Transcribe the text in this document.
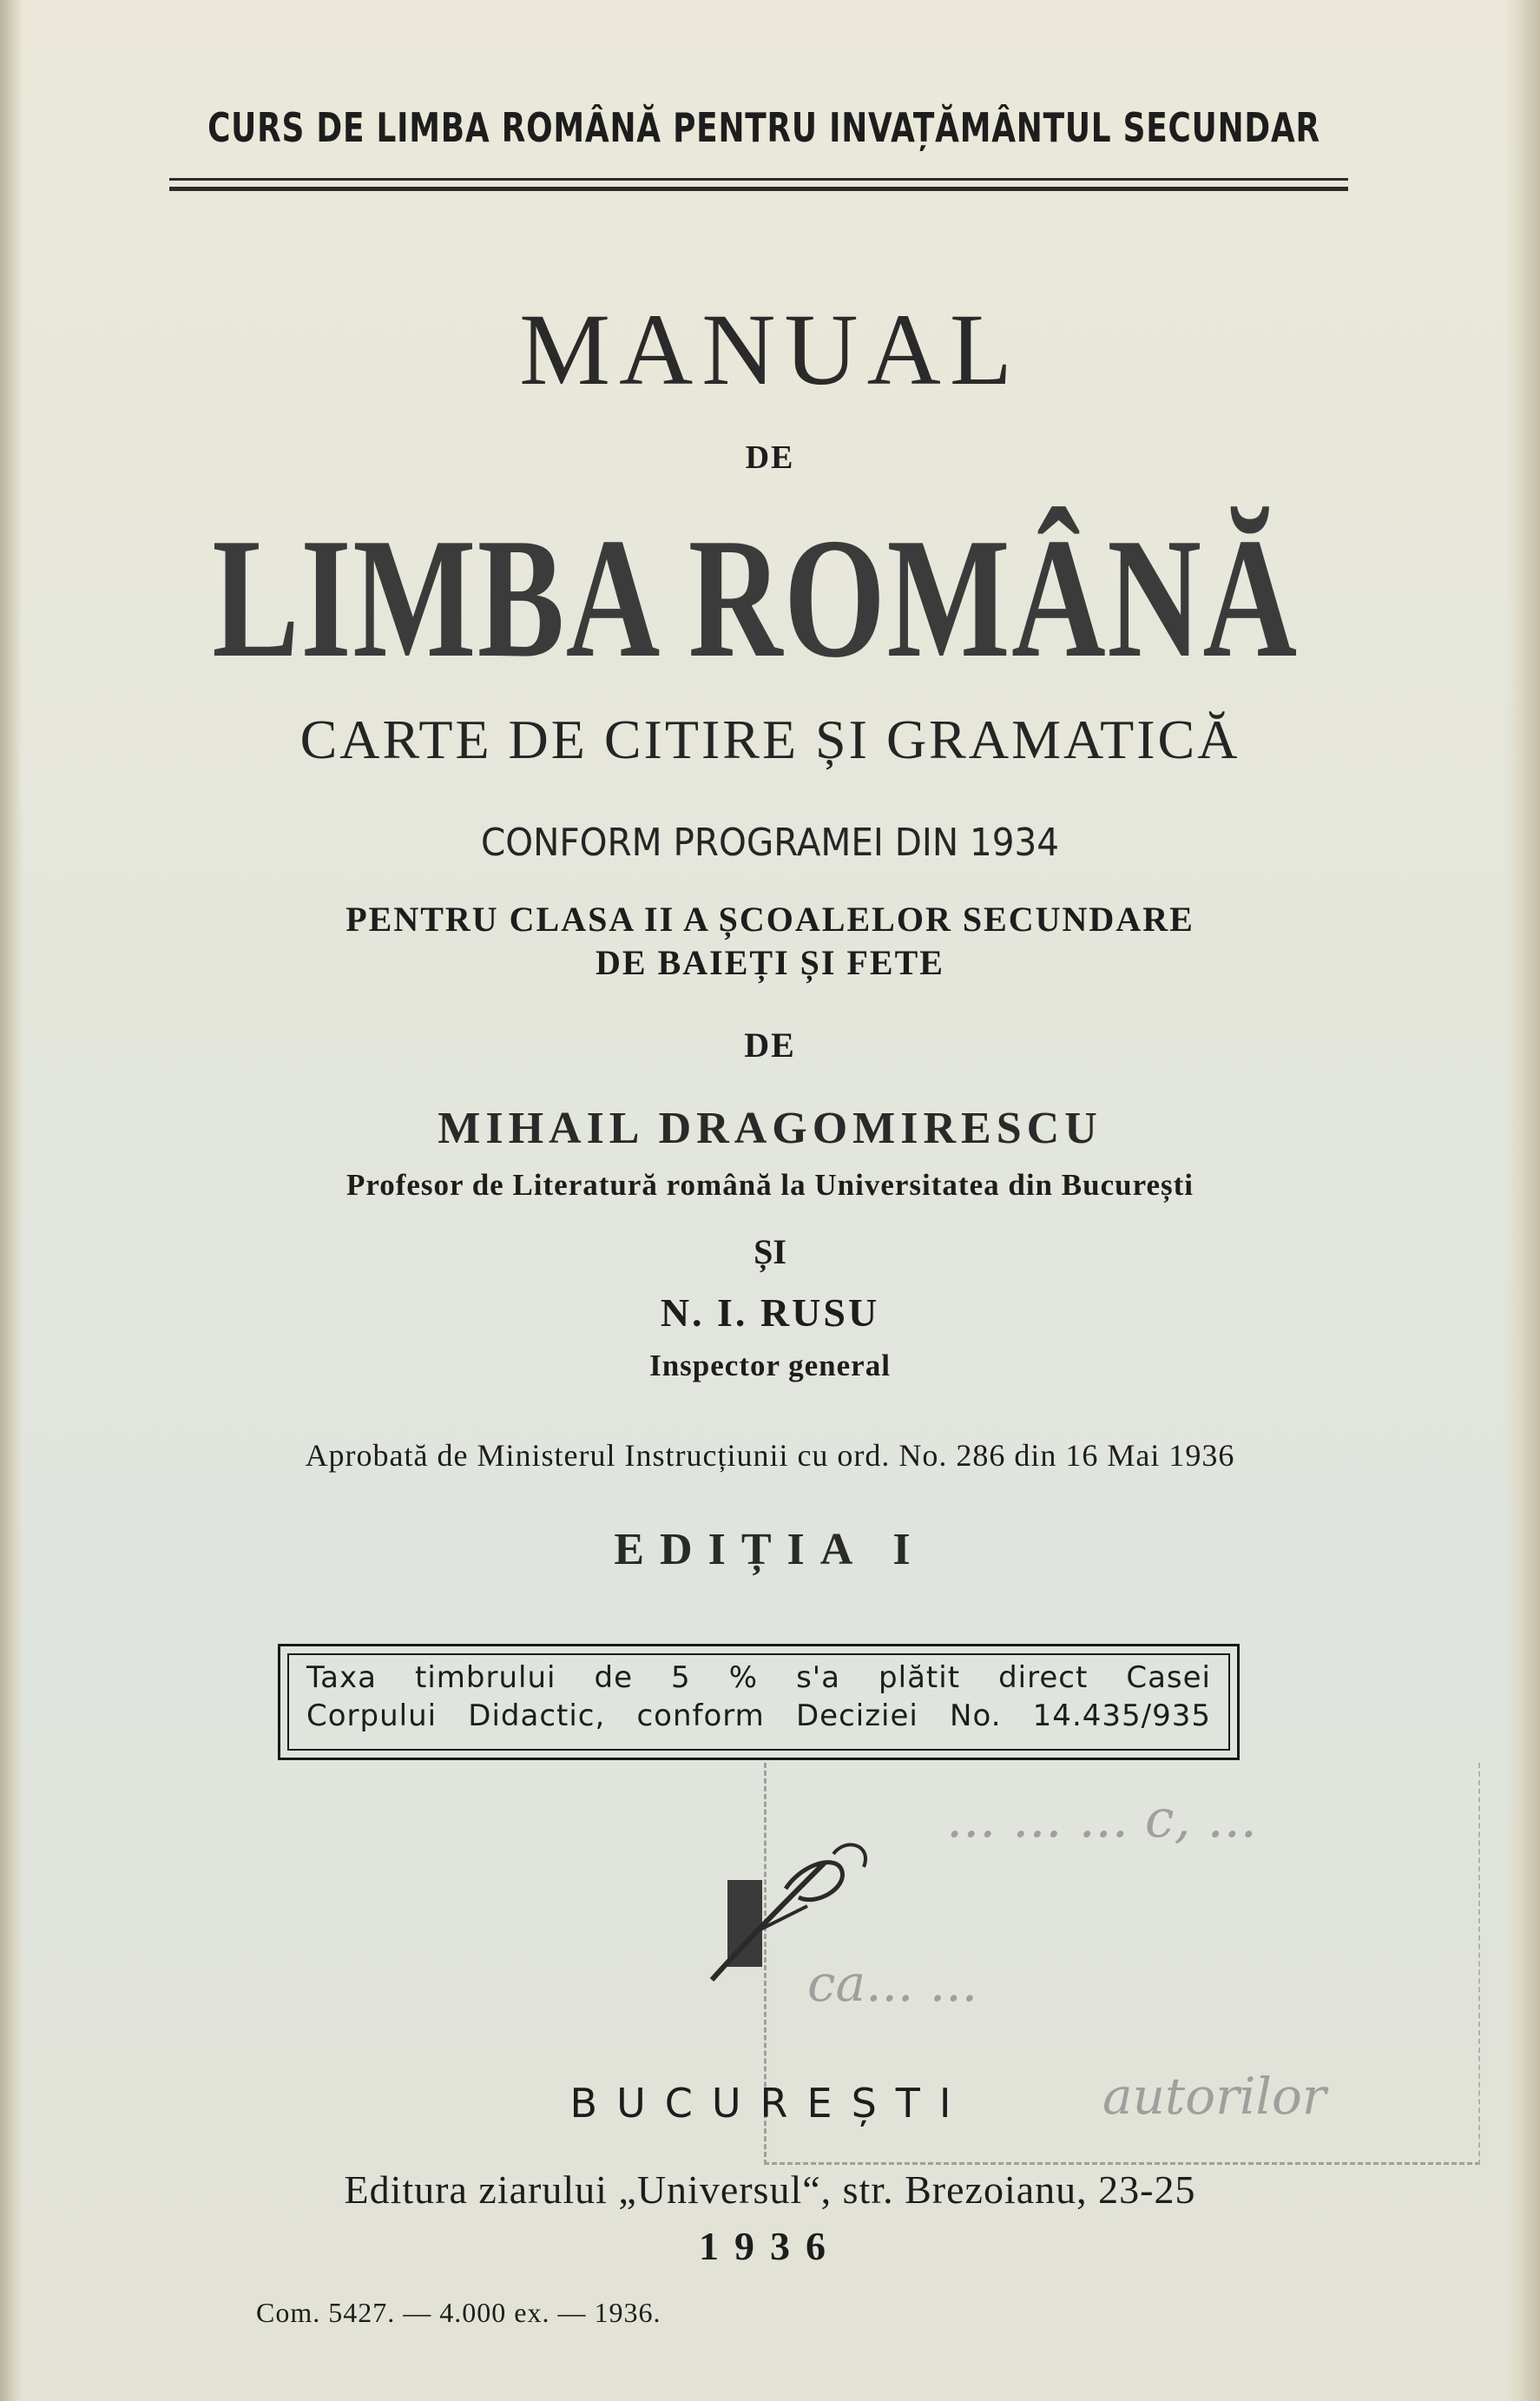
CURS DE LIMBA ROMÂNĂ PENTRU INVAȚĂMÂNTUL SECUNDAR
MANUAL
DE
LIMBA ROMÂNĂ
CARTE DE CITIRE ȘI GRAMATICĂ
CONFORM PROGRAMEI DIN 1934
PENTRU CLASA II A ȘCOALELOR SECUNDARE
DE BAIEȚI ȘI FETE
DE
MIHAIL DRAGOMIRESCU
Profesor de Literatură română la Universitatea din București
ȘI
N. I. RUSU
Inspector general
Aprobată de Ministerul Instrucțiunii cu ord. No. 286 din 16 Mai 1936
EDIȚIA I
Taxa timbrului de 5 % s'a plătit direct Casei
Corpului Didactic, conform Deciziei No. 14.435/935
... ... ... c, ...
ca... ...
autorilor
BUCUREȘTI
Editura ziarului „Universul“, str. Brezoianu, 23-25
1936
Com. 5427. — 4.000 ex. — 1936.
